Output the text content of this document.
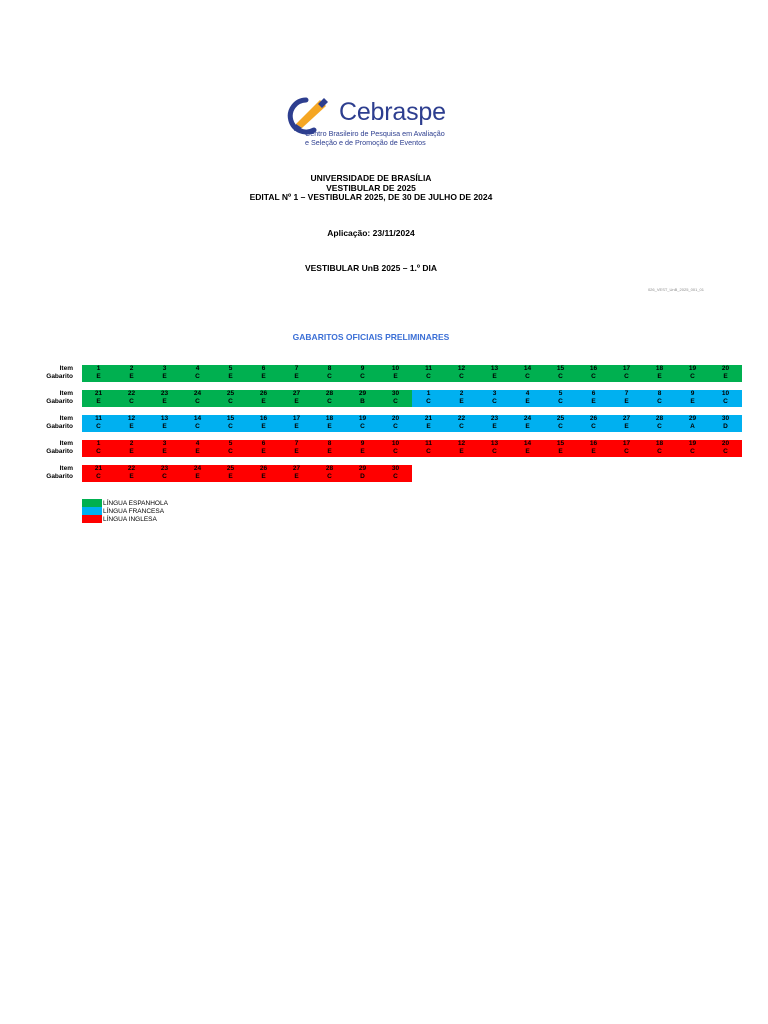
Cebraspe
Centro Brasileiro de Pesquisa em Avaliação
e Seleção e de Promoção de Eventos
UNIVERSIDADE DE BRASÍLIA
VESTIBULAR DE 2025
EDITAL Nº 1 – VESTIBULAR 2025, DE 30 DE JULHO DE 2024
Aplicação: 23/11/2024
VESTIBULAR UnB 2025 – 1.º DIA
026_VEST_UnB_2025_001_01
GABARITOS OFICIAIS PRELIMINARES
Item
Gabarito
1
E
2
E
3
E
4
C
5
E
6
E
7
E
8
C
9
C
10
E
11
C
12
C
13
E
14
C
15
C
16
C
17
C
18
E
19
C
20
E
Item
Gabarito
21
E
22
C
23
E
24
C
25
C
26
E
27
E
28
C
29
B
30
C
1
C
2
E
3
C
4
E
5
C
6
E
7
E
8
C
9
E
10
C
Item
Gabarito
11
C
12
E
13
E
14
C
15
C
16
E
17
E
18
E
19
C
20
C
21
E
22
C
23
E
24
E
25
C
26
C
27
E
28
C
29
A
30
D
Item
Gabarito
1
C
2
E
3
E
4
E
5
C
6
E
7
E
8
E
9
E
10
C
11
C
12
E
13
C
14
E
15
E
16
E
17
C
18
C
19
C
20
C
Item
Gabarito
21
C
22
E
23
C
24
E
25
E
26
E
27
E
28
C
29
D
30
C
LÍNGUA ESPANHOLA
LÍNGUA FRANCESA
LÍNGUA INGLESA
